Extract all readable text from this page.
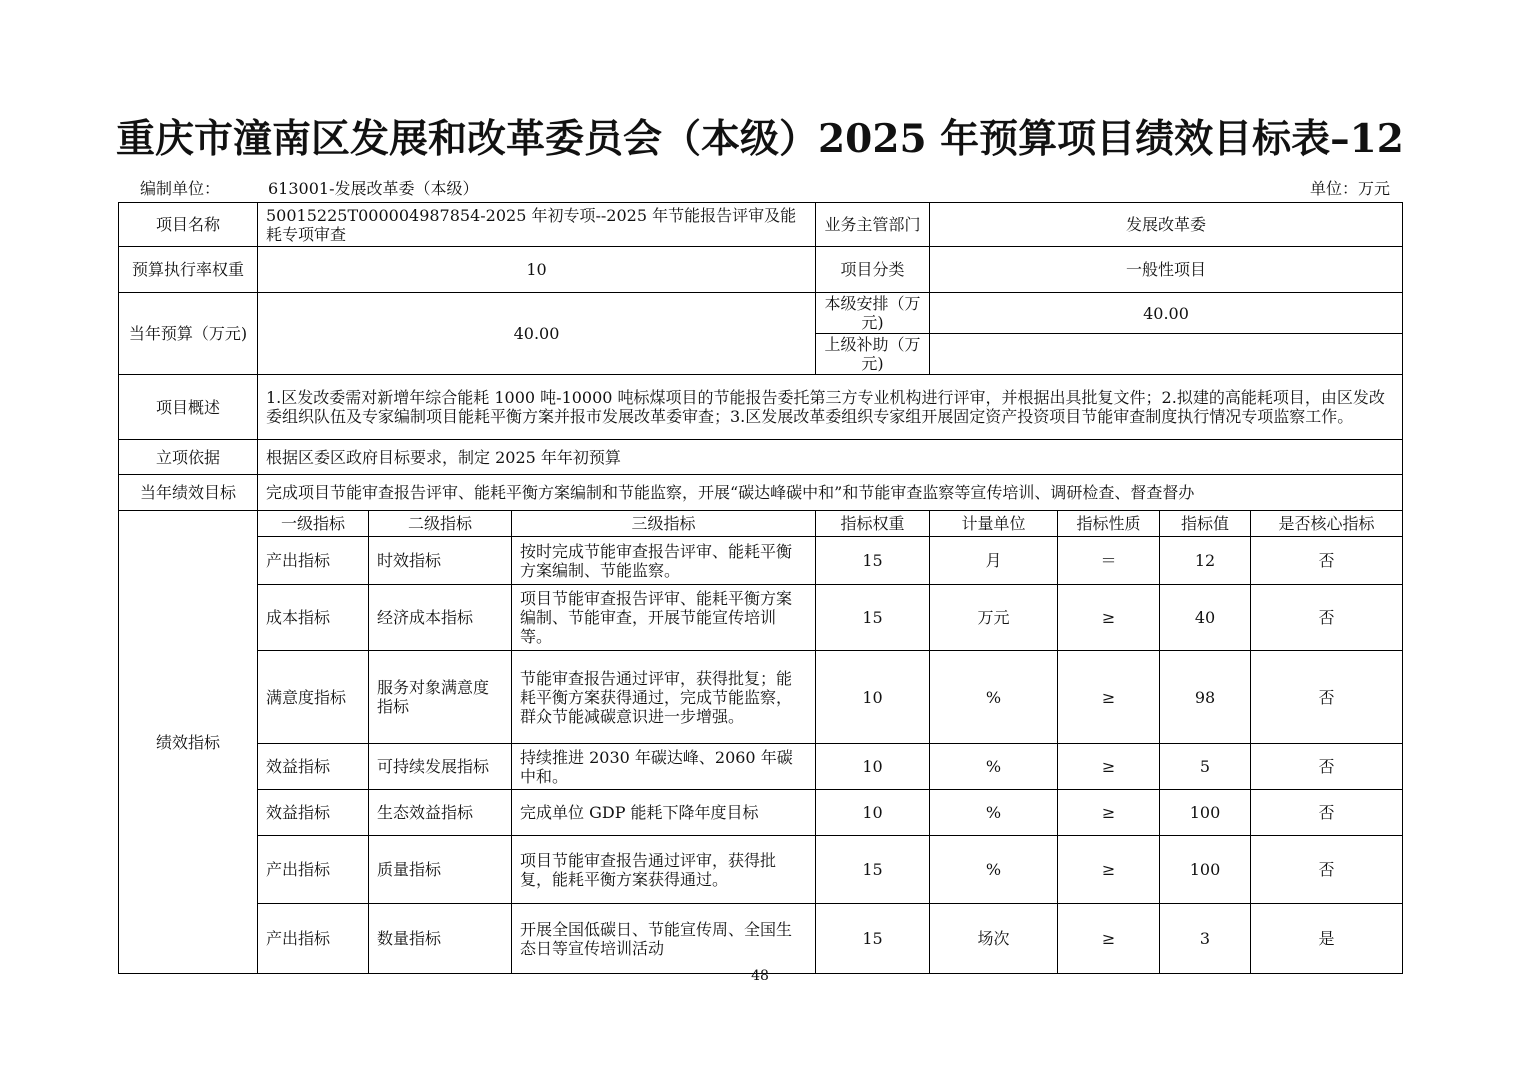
重庆市潼南区发展和改革委员会（本级）2025 年预算项目绩效目标表–12
编制单位：	613001-发展改革委（本级）	单位：万元
项目名称	50015225T000004987854-2025 年初专项--2025 年节能报告评审及能耗专项审查			业务主管部门	发展改革委			
预算执行率权重	10			项目分类	一般性项目			
当年预算（万元)	40.00			本级安排（万元)	40.00			
				上级补助（万元)				
项目概述	1.区发改委需对新增年综合能耗 1000 吨-10000 吨标煤项目的节能报告委托第三方专业机构进行评审，并根据出具批复文件；2.拟建的高能耗项目，由区发改委组织队伍及专家编制项目能耗平衡方案并报市发展改革委审查；3.区发展改革委组织专家组开展固定资产投资项目节能审查制度执行情况专项监察工作。							
立项依据	根据区委区政府目标要求，制定 2025 年年初预算							
当年绩效目标	完成项目节能审查报告评审、能耗平衡方案编制和节能监察，开展“碳达峰碳中和”和节能审查监察等宣传培训、调研检查、督查督办							
绩效指标	一级指标	二级指标	三级指标	指标权重	计量单位	指标性质	指标值	是否核心指标
	产出指标	时效指标	按时完成节能审查报告评审、能耗平衡方案编制、节能监察。	15	月	＝	12	否
	成本指标	经济成本指标	项目节能审查报告评审、能耗平衡方案编制、节能审查，开展节能宣传培训等。	15	万元	≥	40	否
	满意度指标	服务对象满意度指标	节能审查报告通过评审，获得批复；能耗平衡方案获得通过，完成节能监察，群众节能减碳意识进一步增强。	10	%	≥	98	否
	效益指标	可持续发展指标	持续推进 2030 年碳达峰、2060 年碳中和。	10	%	≥	5	否
	效益指标	生态效益指标	完成单位 GDP 能耗下降年度目标	10	%	≥	100	否
	产出指标	质量指标	项目节能审查报告通过评审，获得批复，能耗平衡方案获得通过。	15	%	≥	100	否
	产出指标	数量指标	开展全国低碳日、节能宣传周、全国生态日等宣传培训活动	15	场次	≥	3	是
48
